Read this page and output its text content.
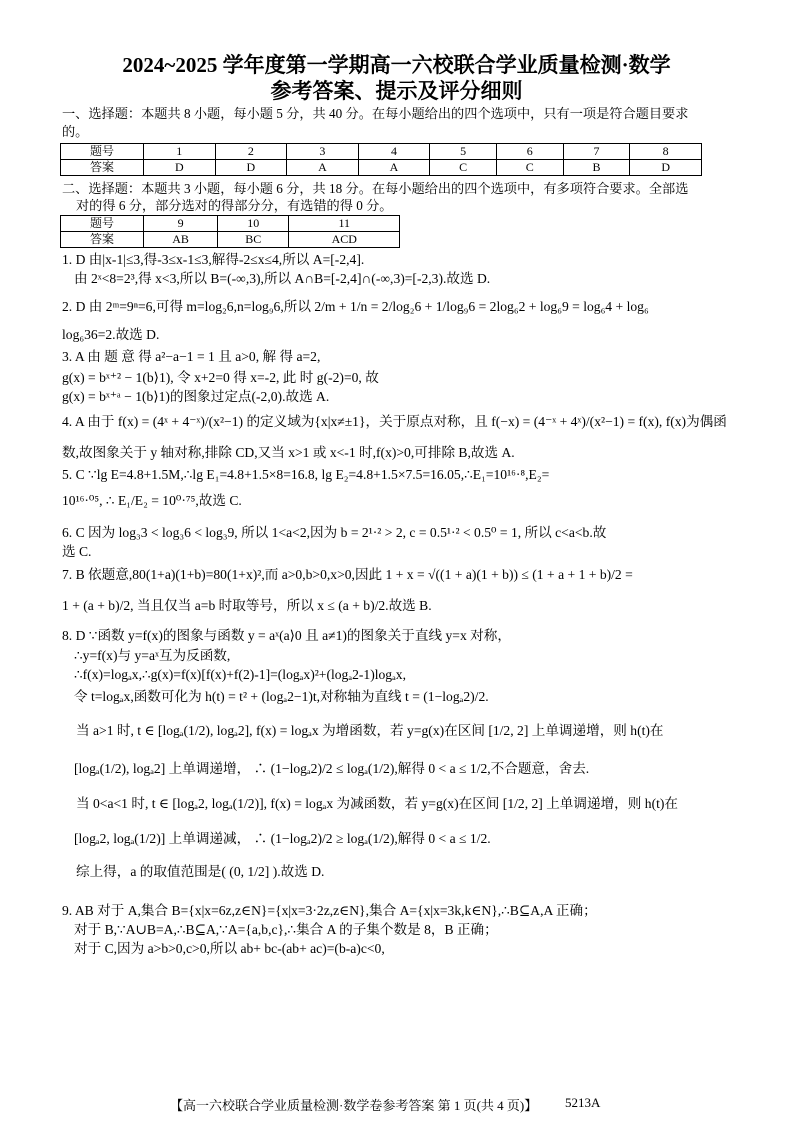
2024~2025 学年度第一学期高一六校联合学业质量检测·数学
参考答案、提示及评分细则
一、选择题：本题共 8 小题，每小题 5 分，共 40 分。在每小题给出的四个选项中，只有一项是符合题目要求
的。
题号	1	2	3	4	5	6	7	8
答案	D	D	A	A	C	C	B	D
二、选择题：本题共 3 小题，每小题 6 分，共 18 分。在每小题给出的四个选项中，有多项符合要求。全部选
对的得 6 分，部分选对的得部分分，有选错的得 0 分。
题号	9	10	11
答案	AB	BC	ACD
1. D 由|x-1|≤3,得-3≤x-1≤3,解得-2≤x≤4,所以 A=[-2,4].
由 2ˣ<8=2³,得 x<3,所以 B=(-∞,3),所以 A∩B=[-2,4]∩(-∞,3)=[-2,3).故选 D.
2. D 由 2ᵐ=9ⁿ=6,可得 m=log₂6,n=log₉6,所以 2/m + 1/n = 2/log₂6 + 1/log₉6 = 2log₆2 + log₆9 = log₆4 + log₆
log₆36=2.故选 D.
3. A 由 题 意 得 a²−a−1 = 1 且 a>0, 解 得 a=2,
g(x) = bˣ⁺² − 1(b⟩1), 令 x+2=0 得 x=-2, 此 时 g(-2)=0, 故
g(x) = bˣ⁺ᵃ − 1(b⟩1)的图象过定点(-2,0).故选 A.
4. A 由于 f(x) = (4ˣ + 4⁻ˣ)/(x²−1) 的定义域为{x|x≠±1}，关于原点对称，且 f(−x) = (4⁻ˣ + 4ˣ)/(x²−1) = f(x), f(x)为偶函
数,故图象关于 y 轴对称,排除 CD,又当 x>1 或 x<-1 时,f(x)>0,可排除 B,故选 A.
5. C ∵lg E=4.8+1.5M,∴lg E₁=4.8+1.5×8=16.8, lg E₂=4.8+1.5×7.5=16.05,∴E₁=10¹⁶·⁸,E₂=
10¹⁶·⁰⁵, ∴ E₁/E₂ = 10⁰·⁷⁵,故选 C.
6. C 因为 log₃3 < log₃6 < log₃9, 所以 1<a<2,因为 b = 2¹·² > 2, c = 0.5¹·² < 0.5⁰ = 1, 所以 c<a<b.故
选 C.
7. B 依题意,80(1+a)(1+b)=80(1+x)²,而 a>0,b>0,x>0,因此 1 + x = √((1 + a)(1 + b)) ≤ (1 + a + 1 + b)/2 =
1 + (a + b)/2, 当且仅当 a=b 时取等号，所以 x ≤ (a + b)/2.故选 B.
8. D ∵函数 y=f(x)的图象与函数 y = aˣ(a⟩0 且 a≠1)的图象关于直线 y=x 对称，
∴y=f(x)与 y=aˣ互为反函数,
∴f(x)=logₐx,∴g(x)=f(x)[f(x)+f(2)-1]=(logₐx)²+(logₐ2-1)logₐx,
令 t=logₐx,函数可化为 h(t) = t² + (logₐ2−1)t,对称轴为直线 t = (1−logₐ2)/2.
当 a>1 时, t ∈ [logₐ(1/2), logₐ2], f(x) = logₐx 为增函数，若 y=g(x)在区间 [1/2, 2] 上单调递增，则 h(t)在
[logₐ(1/2), logₐ2] 上单调递增， ∴ (1−logₐ2)/2 ≤ logₐ(1/2),解得 0 < a ≤ 1/2,不合题意，舍去.
当 0<a<1 时, t ∈ [logₐ2, logₐ(1/2)], f(x) = logₐx 为减函数，若 y=g(x)在区间 [1/2, 2] 上单调递增，则 h(t)在
[logₐ2, logₐ(1/2)] 上单调递减， ∴ (1−logₐ2)/2 ≥ logₐ(1/2),解得 0 < a ≤ 1/2.
综上得，a 的取值范围是( (0, 1/2] ).故选 D.
9. AB 对于 A,集合 B={x|x=6z,z∈N}={x|x=3·2z,z∈N},集合 A={x|x=3k,k∈N},∴B⊆A,A 正确；
对于 B,∵A∪B=A,∴B⊆A,∵A={a,b,c},∴集合 A 的子集个数是 8，B 正确；
对于 C,因为 a>b>0,c>0,所以 ab+ bc-(ab+ ac)=(b-a)c<0,
【高一六校联合学业质量检测·数学卷参考答案 第 1 页(共 4 页)】 5213A
